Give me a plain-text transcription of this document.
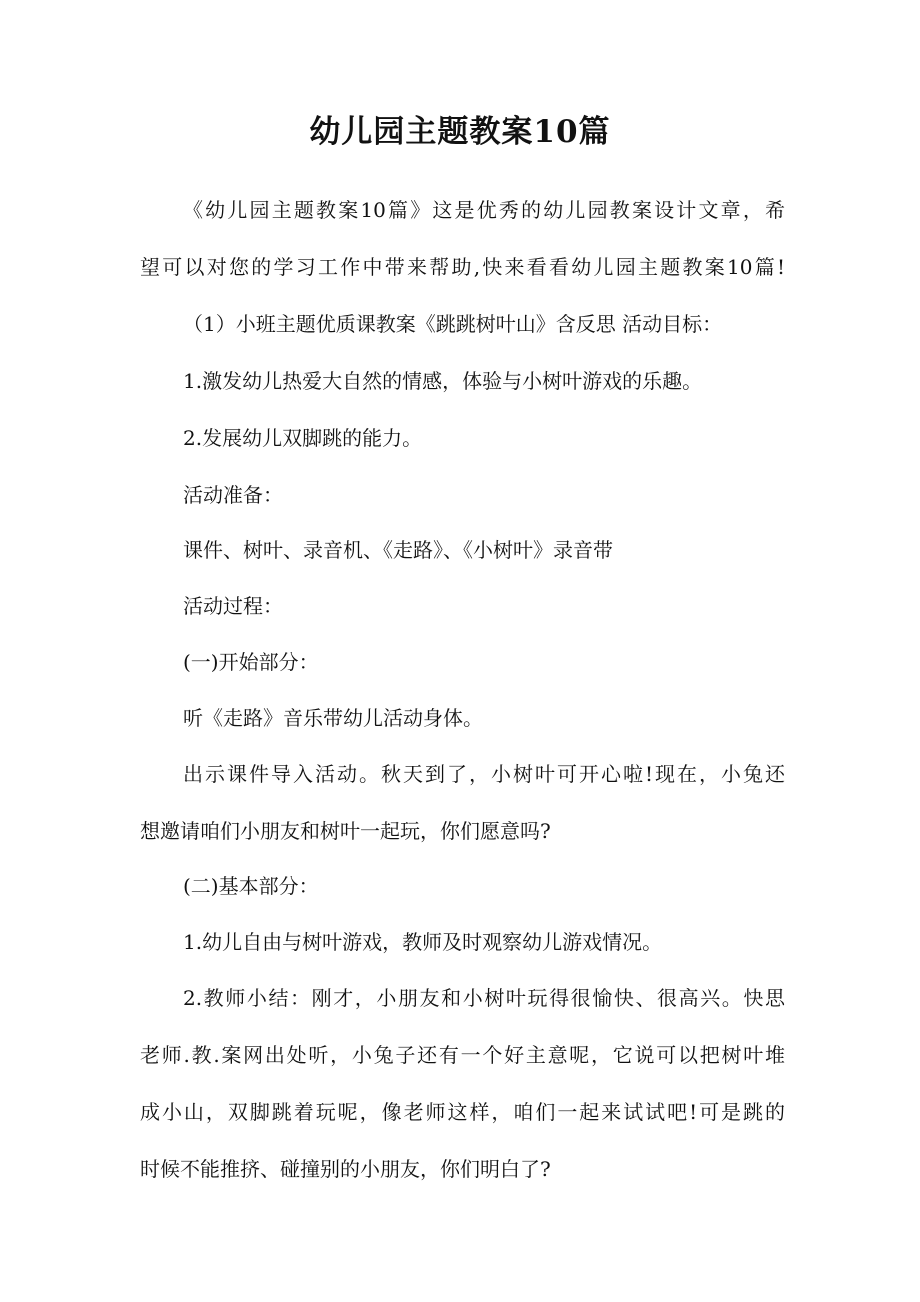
幼儿园主题教案10篇
《幼儿园主题教案10篇》这是优秀的幼儿园教案设计文章，希
望可以对您的学习工作中带来帮助,快来看看幼儿园主题教案10篇!
（1）小班主题优质课教案《跳跳树叶山》含反思 活动目标：
1.激发幼儿热爱大自然的情感，体验与小树叶游戏的乐趣。
2.发展幼儿双脚跳的能力。
活动准备：
课件、树叶、录音机、《走路》、《小树叶》录音带
活动过程：
(一)开始部分：
听《走路》音乐带幼儿活动身体。
出示课件导入活动。秋天到了，小树叶可开心啦!现在，小兔还
想邀请咱们小朋友和树叶一起玩，你们愿意吗?
(二)基本部分：
1.幼儿自由与树叶游戏，教师及时观察幼儿游戏情况。
2.教师小结：刚才，小朋友和小树叶玩得很愉快、很高兴。快思
老师.教.案网出处听，小兔子还有一个好主意呢，它说可以把树叶堆
成小山，双脚跳着玩呢，像老师这样，咱们一起来试试吧!可是跳的
时候不能推挤、碰撞别的小朋友，你们明白了?
